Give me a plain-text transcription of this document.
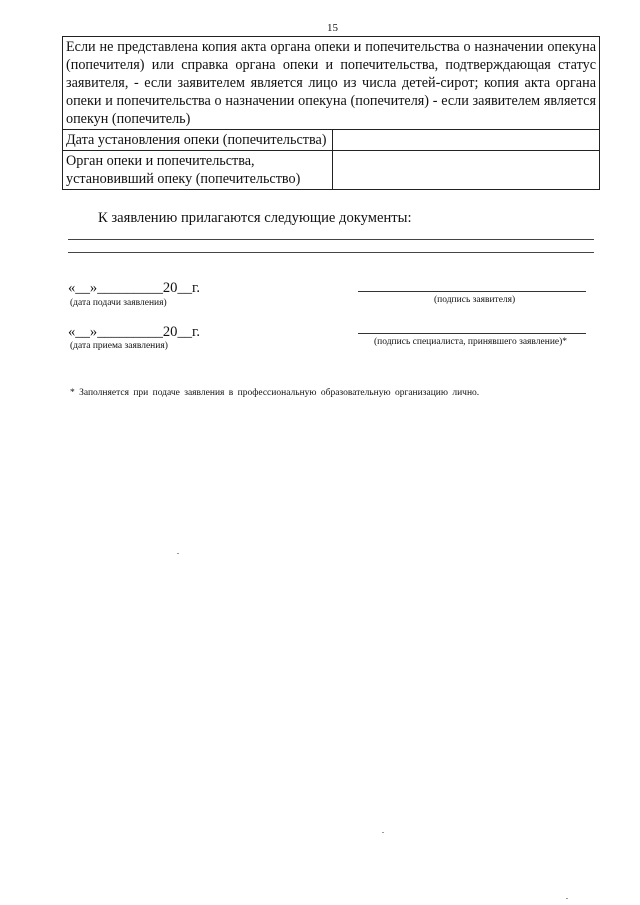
15
Если не представлена копия акта органа опеки и попечительства о назначении опекуна (попечителя) или справка органа опеки и попечительства, подтверждающая статус заявителя, - если заявителем является лицо из числа детей-сирот; копия акта органа опеки и попечительства о назначении опекуна (попечителя) - если заявителем является опекун (попечитель)	
Дата установления опеки (попечительства)	
Орган опеки и попечительства, установивший опеку (попечительство)	
К заявлению прилагаются следующие документы:
«__»_________20__г.
(дата подачи заявления)	(подпись заявителя)
«__»_________20__г.
(дата приема заявления)	(подпись специалиста, принявшего заявление)*
* Заполняется при подаче заявления в профессиональную образовательную организацию лично.
